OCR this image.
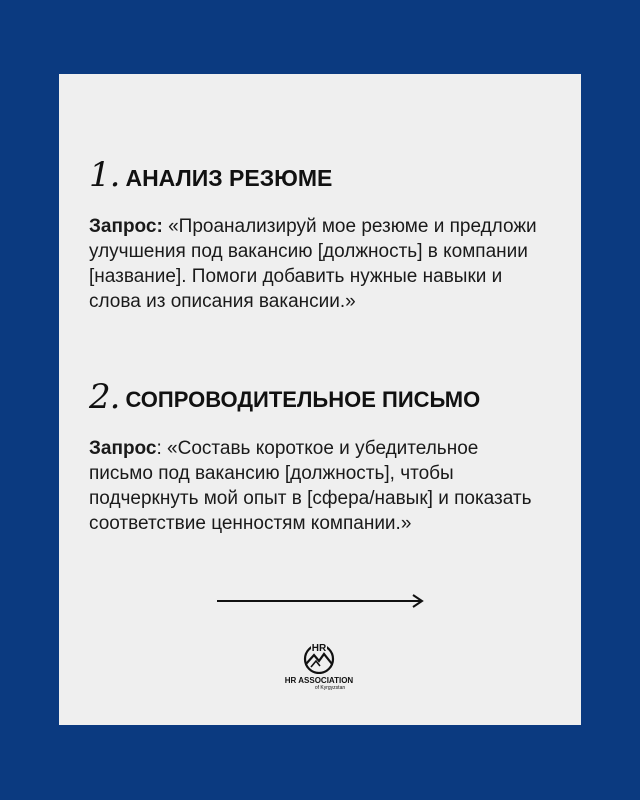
1. АНАЛИЗ РЕЗЮМЕ
Запрос: «Проанализируй мое резюме и предложи улучшения под вакансию [должность] в компании [название]. Помоги добавить нужные навыки и слова из описания вакансии.»
2. СОПРОВОДИТЕЛЬНОЕ ПИСЬМО
Запрос: «Составь короткое и убедительное письмо под вакансию [должность], чтобы подчеркнуть мой опыт в [сфера/навык] и показать соответствие ценностям компании.»
HR
HR ASSOCIATION
of Kyrgyzstan
